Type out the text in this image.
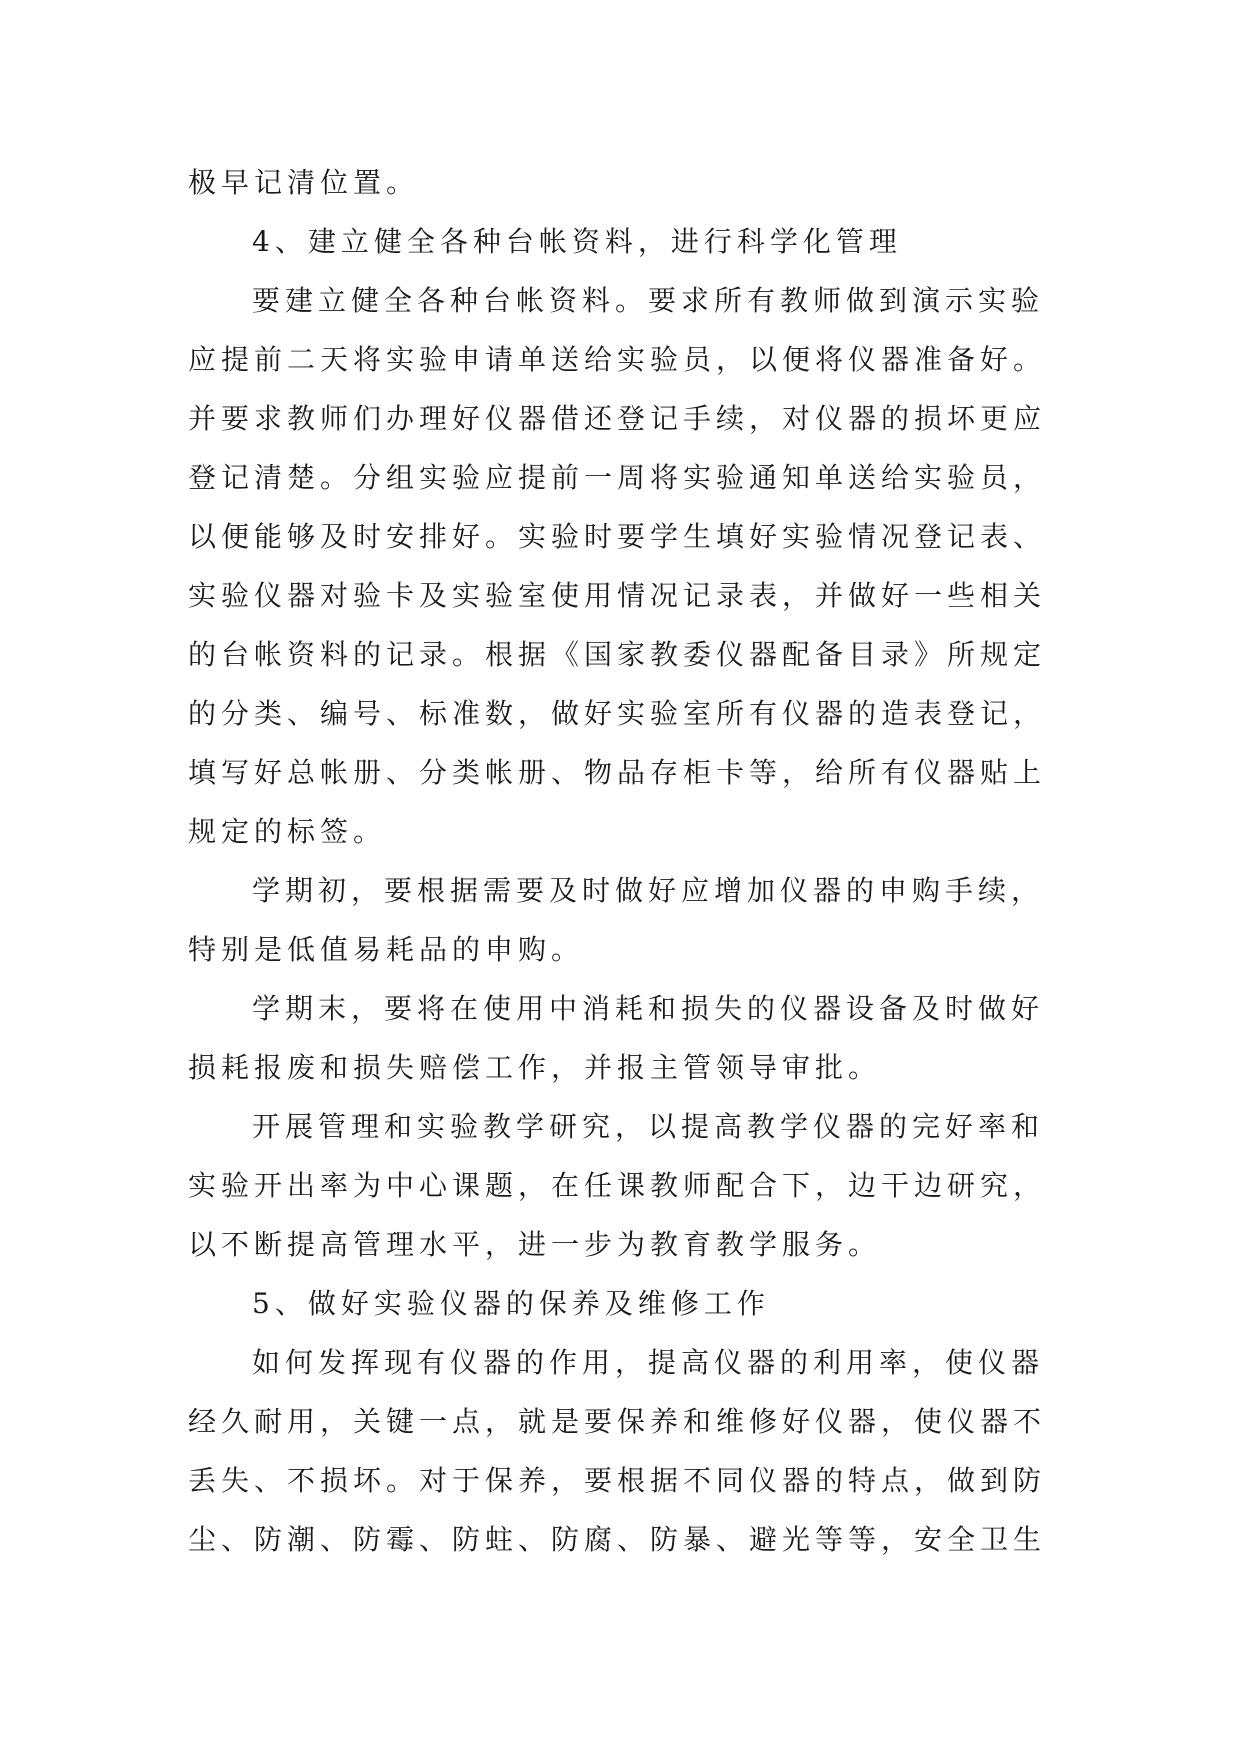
极早记清位置。
4、建立健全各种台帐资料，进行科学化管理
要建立健全各种台帐资料。要求所有教师做到演示实验
应提前二天将实验申请单送给实验员，以便将仪器准备好。
并要求教师们办理好仪器借还登记手续，对仪器的损坏更应
登记清楚。分组实验应提前一周将实验通知单送给实验员，
以便能够及时安排好。实验时要学生填好实验情况登记表、
实验仪器对验卡及实验室使用情况记录表，并做好一些相关
的台帐资料的记录。根据《国家教委仪器配备目录》所规定
的分类、编号、标准数，做好实验室所有仪器的造表登记，
填写好总帐册、分类帐册、物品存柜卡等，给所有仪器贴上
规定的标签。
学期初，要根据需要及时做好应增加仪器的申购手续，
特别是低值易耗品的申购。
学期末，要将在使用中消耗和损失的仪器设备及时做好
损耗报废和损失赔偿工作，并报主管领导审批。
开展管理和实验教学研究，以提高教学仪器的完好率和
实验开出率为中心课题，在任课教师配合下，边干边研究，
以不断提高管理水平，进一步为教育教学服务。
5、做好实验仪器的保养及维修工作
如何发挥现有仪器的作用，提高仪器的利用率，使仪器
经久耐用，关键一点，就是要保养和维修好仪器，使仪器不
丢失、不损坏。对于保养，要根据不同仪器的特点，做到防
尘、防潮、防霉、防蛀、防腐、防暴、避光等等，安全卫生
